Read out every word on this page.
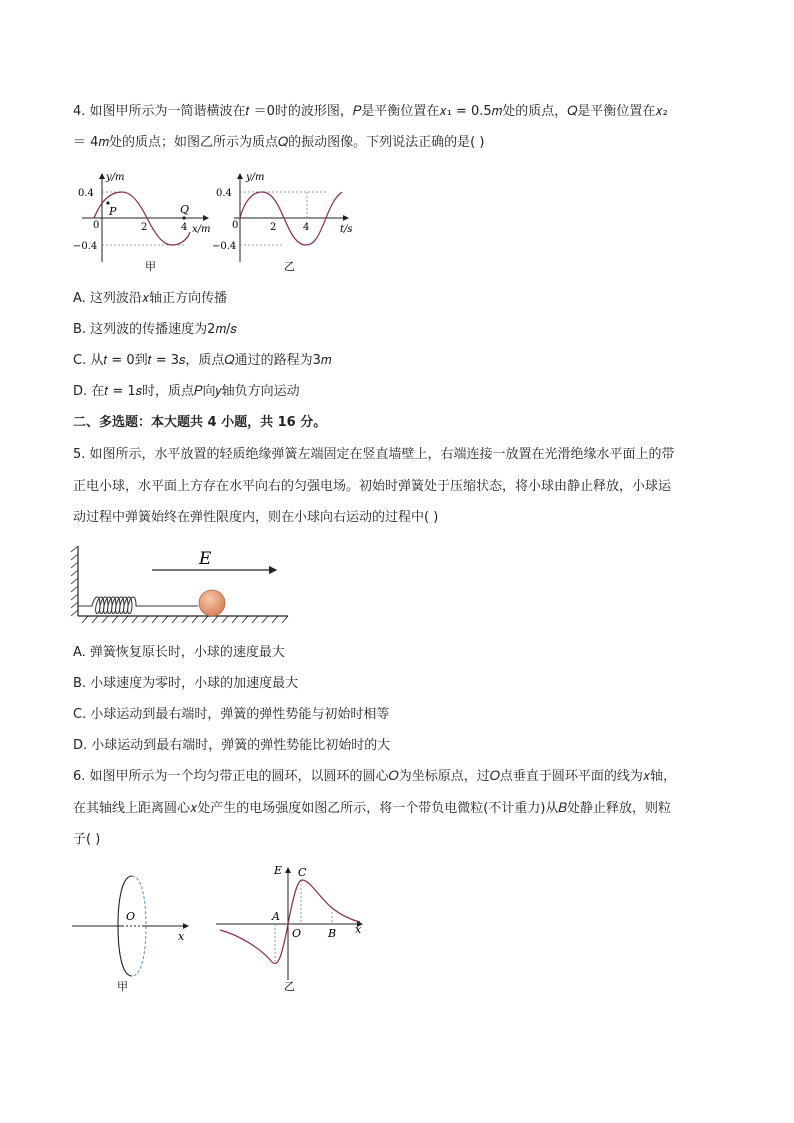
4. 如图甲所示为一简谐横波在𝑡 ＝0时的波形图，𝑃是平衡位置在𝑥₁ = 0.5𝑚处的质点，𝑄是平衡位置在𝑥₂
＝ 4𝑚处的质点；如图乙所示为质点𝑄的振动图像。下列说法正确的是( )
y/m
x/m
0.4
−0.4
0	2	4
P	Q
甲
y/m
t/s
0.4
−0.4
0	2	4
乙
A. 这列波沿𝑥轴正方向传播
B. 这列波的传播速度为2𝑚/𝑠
C. 从𝑡 = 0到𝑡 = 3𝑠，质点𝑄通过的路程为3𝑚
D. 在𝑡 = 1𝑠时，质点𝑃向𝑦轴负方向运动
二、多选题：本大题共 4 小题，共 16 分。
5. 如图所示，水平放置的轻质绝缘弹簧左端固定在竖直墙壁上，右端连接一放置在光滑绝缘水平面上的带
正电小球，水平面上方存在水平向右的匀强电场。初始时弹簧处于压缩状态，将小球由静止释放，小球运
动过程中弹簧始终在弹性限度内，则在小球向右运动的过程中( )
E
A. 弹簧恢复原长时，小球的速度最大
B. 小球速度为零时，小球的加速度最大
C. 小球运动到最右端时，弹簧的弹性势能与初始时相等
D. 小球运动到最右端时，弹簧的弹性势能比初始时的大
6. 如图甲所示为一个均匀带正电的圆环，以圆环的圆心𝑂为坐标原点，过𝑂点垂直于圆环平面的线为𝑥轴，
在其轴线上距离圆心𝑥处产生的电场强度如图乙所示，将一个带负电微粒(不计重力)从𝐵处静止释放，则粒
子( )
O
x
甲
E C
A
O B x
乙
